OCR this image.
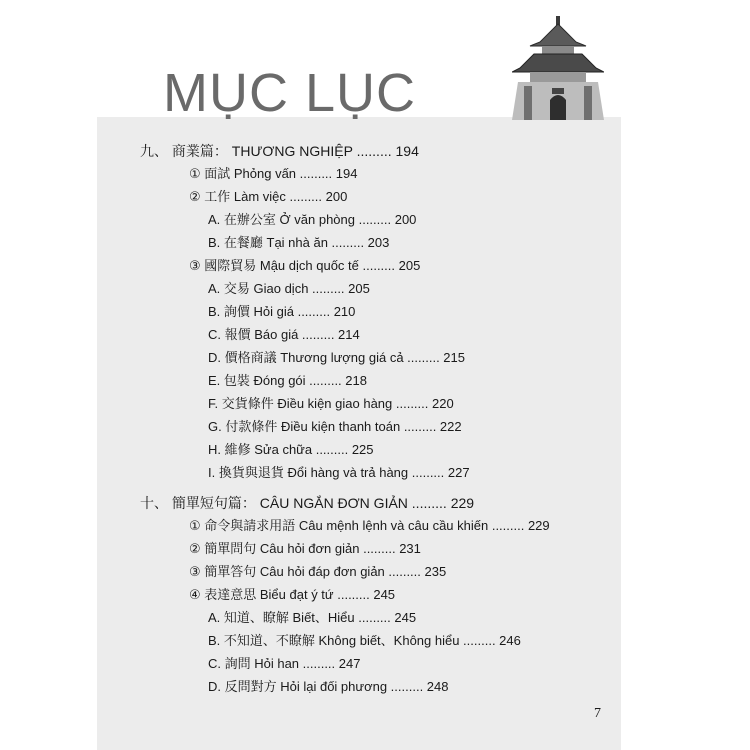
MỤC LỤC
九、 商業篇： THƯƠNG NGHIỆP ......... 194
① 面試 Phỏng vấn ......... 194
② 工作 Làm việc ......... 200
A. 在辦公室 Ở văn phòng ......... 200
B. 在餐廳 Tại nhà ăn ......... 203
③ 國際貿易 Mậu dịch quốc tế ......... 205
A. 交易 Giao dịch ......... 205
B. 詢價 Hỏi giá ......... 210
C. 報價 Báo giá ......... 214
D. 價格商議 Thương lượng giá cả ......... 215
E. 包裝 Đóng gói ......... 218
F. 交貨條件 Điều kiện giao hàng ......... 220
G. 付款條件 Điều kiện thanh toán ......... 222
H. 維修 Sửa chữa ......... 225
I. 換貨與退貨 Đổi hàng và trả hàng ......... 227
十、 簡單短句篇： CÂU NGẮN ĐƠN GIẢN ......... 229
① 命令與請求用語 Câu mệnh lệnh và câu cầu khiến ......... 229
② 簡單問句 Câu hỏi đơn giản ......... 231
③ 簡單答句 Câu hỏi đáp đơn giản ......... 235
④ 表達意思 Biểu đạt ý tứ ......... 245
A. 知道、瞭解 Biết、Hiểu ......... 245
B. 不知道、不瞭解 Không biết、Không hiểu ......... 246
C. 詢問 Hỏi han ......... 247
D. 反問對方 Hỏi lại đối phương ......... 248
7
